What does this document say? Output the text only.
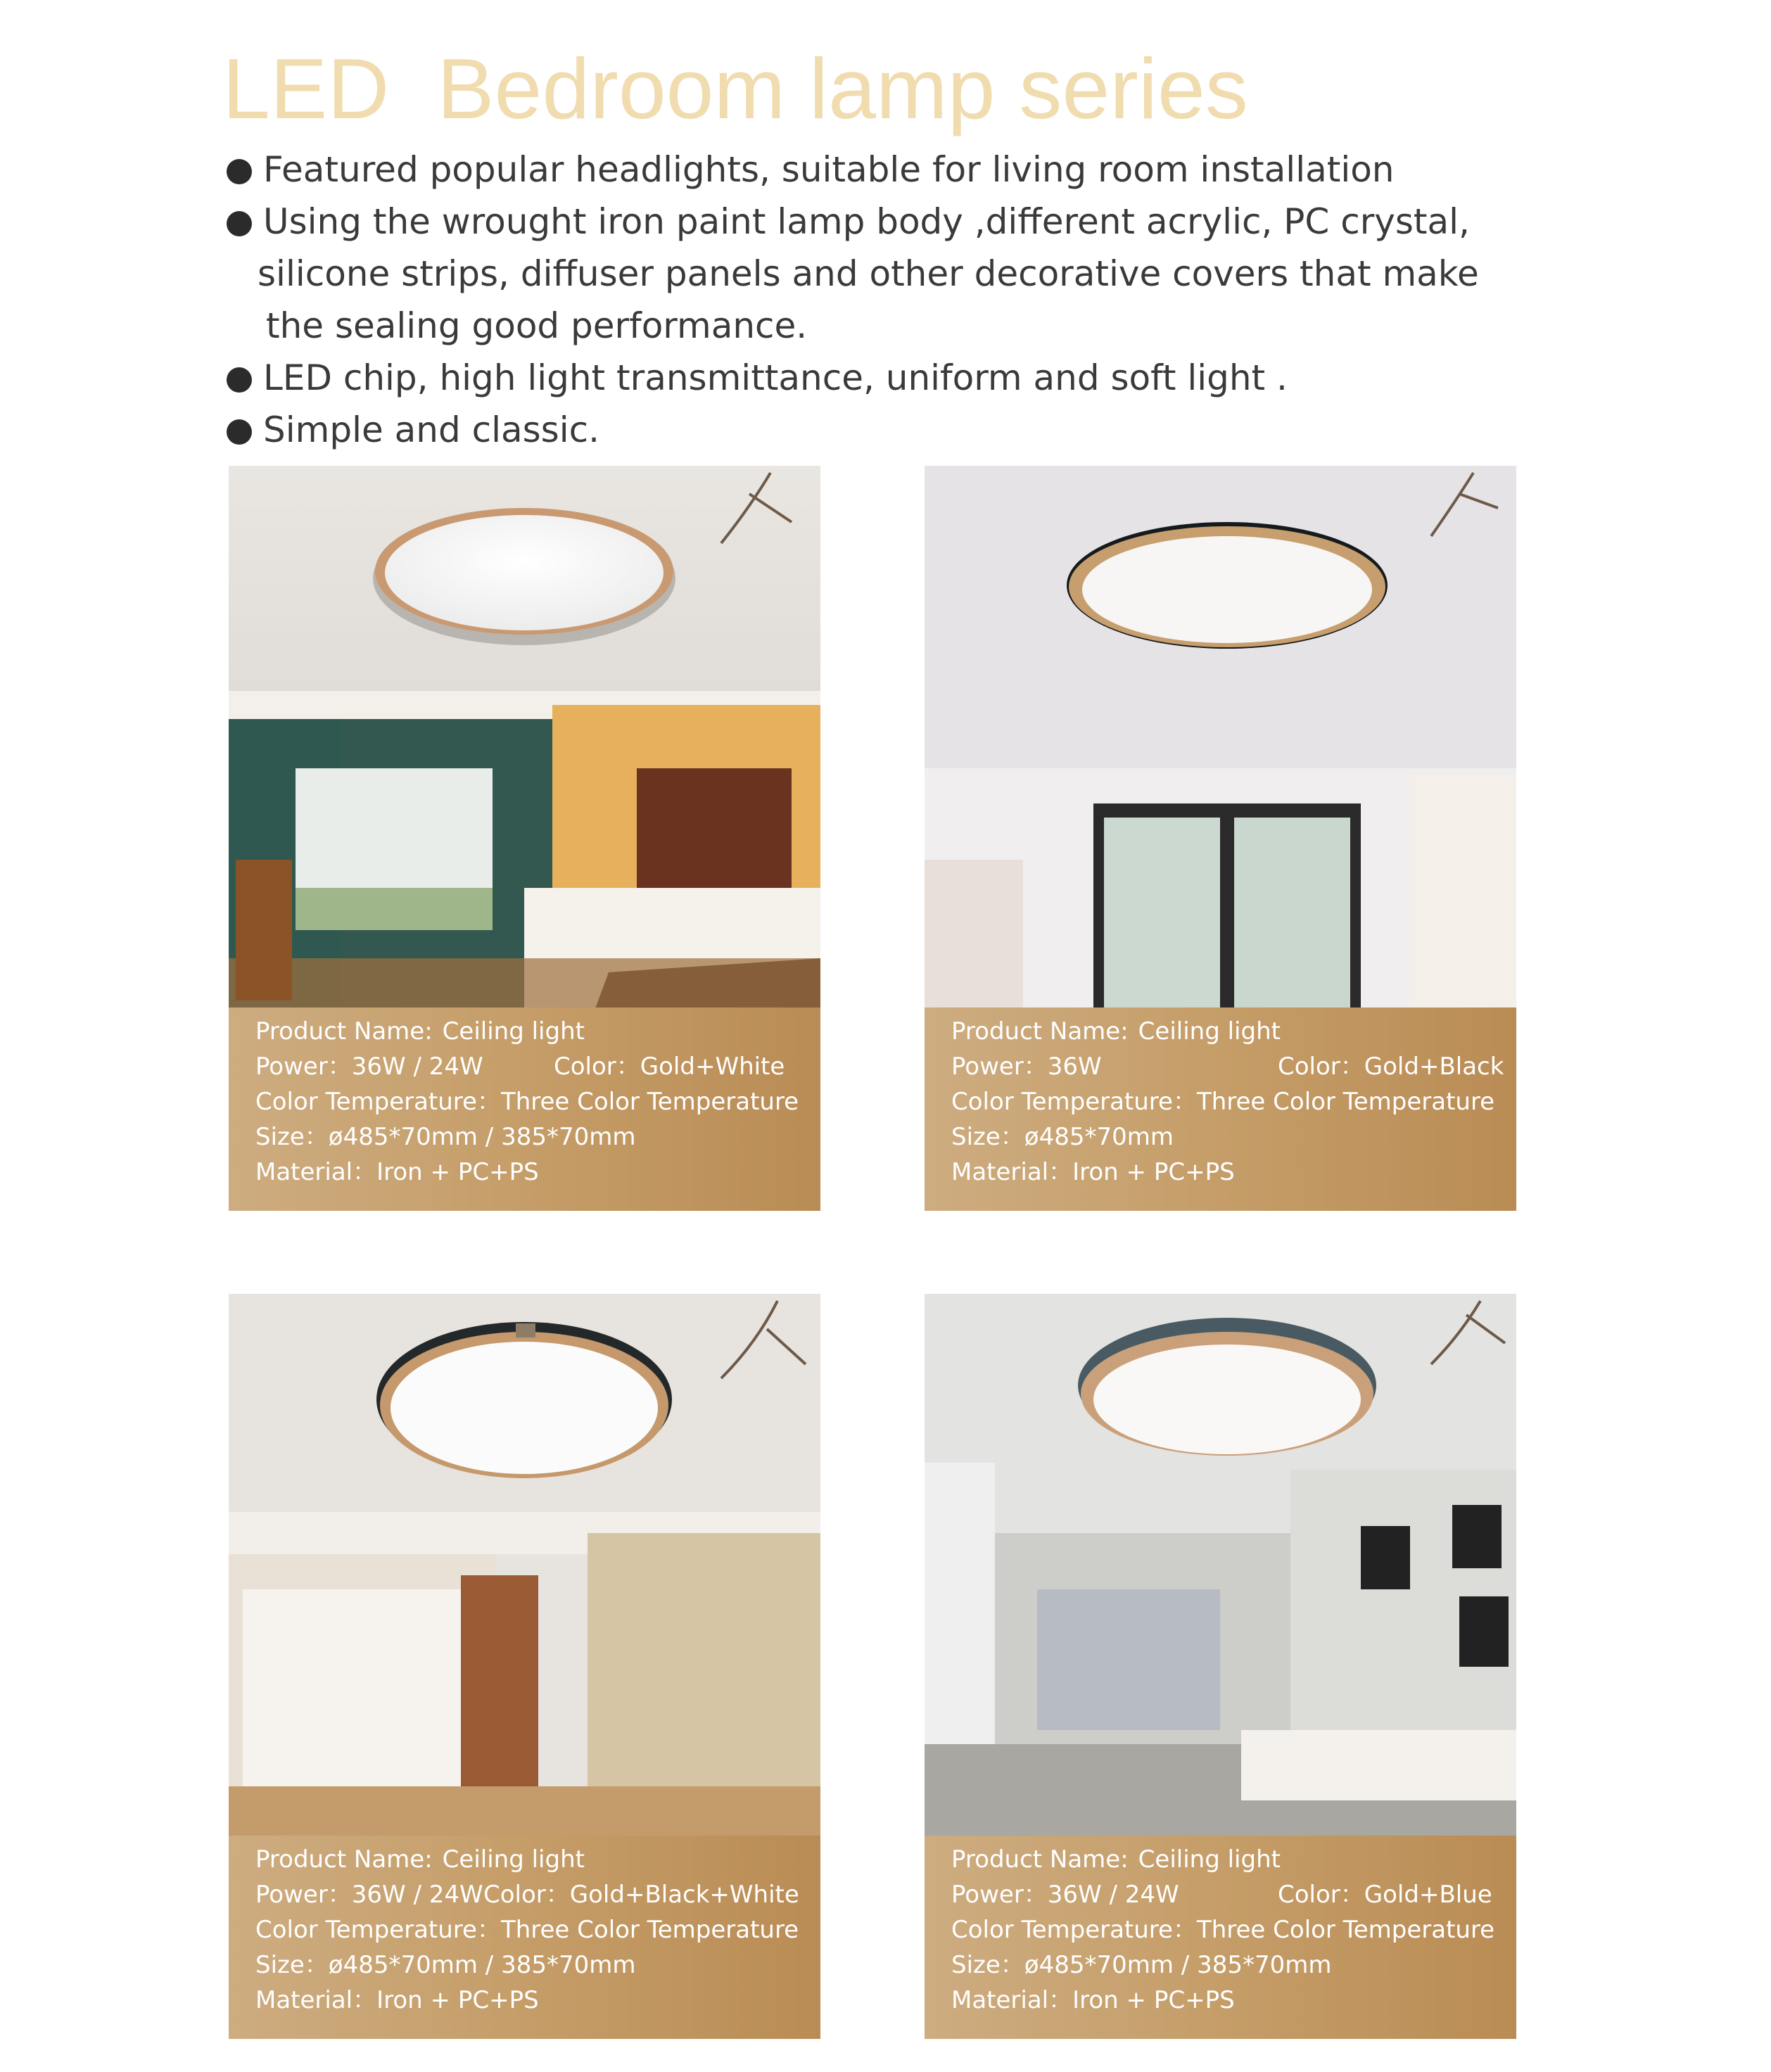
LED  Bedroom lamp series
Featured popular headlights, suitable for living room installation
Using the wrought iron paint lamp body ,different acrylic, PC crystal,
silicone strips, diffuser panels and other decorative covers that make
the sealing good performance.
LED chip, high light transmittance, uniform and soft light .
Simple and classic.
Product Name: Ceiling light
Power：36W / 24W	Color：Gold+White
Color Temperature：Three Color Temperature
Size：ø485*70mm / 385*70mm
Material：Iron + PC+PS
Product Name: Ceiling light
Power：36W	Color：Gold+Black
Color Temperature：Three Color Temperature
Size：ø485*70mm
Material：Iron + PC+PS
Product Name: Ceiling light
Power：36W / 24W Color：Gold+Black+White
Color Temperature：Three Color Temperature
Size：ø485*70mm / 385*70mm
Material：Iron + PC+PS
Product Name: Ceiling light
Power：36W / 24W	Color：Gold+Blue
Color Temperature：Three Color Temperature
Size：ø485*70mm / 385*70mm
Material：Iron + PC+PS
